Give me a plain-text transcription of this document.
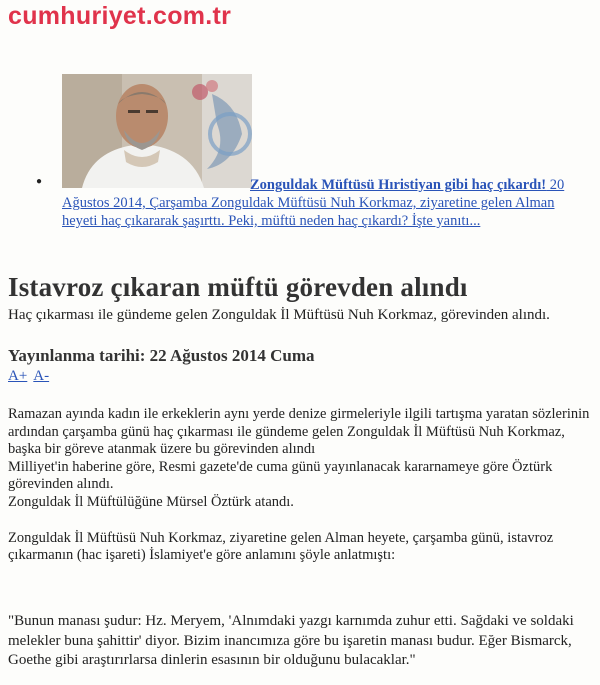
cumhuriyet.com.tr
●	Zonguldak Müftüsü Hıristiyan gibi haç çıkardı! 20 Ağustos 2014, Çarşamba Zonguldak Müftüsü Nuh Korkmaz, ziyaretine gelen Alman heyeti haç çıkararak şaşırttı. Peki, müftü neden haç çıkardı? İşte yanıtı...
Istavroz çıkaran müftü görevden alındı
Haç çıkarması ile gündeme gelen Zonguldak İl Müftüsü Nuh Korkmaz, görevinden alındı.
Yayınlanma tarihi: 22 Ağustos 2014 Cuma
A+ A-

Ramazan ayında kadın ile erkeklerin aynı yerde denize girmeleriyle ilgili tartışma yaratan sözlerinin ardından çarşamba günü haç çıkarması ile gündeme gelen Zonguldak İl Müftüsü Nuh Korkmaz, başka bir göreve atanmak üzere bu görevinden alındı

Milliyet'in haberine göre, Resmi gazete'de cuma günü yayınlanacak kararnameye göre Öztürk görevinden alındı.

Zonguldak İl Müftülüğüne Mürsel Öztürk atandı.

Zonguldak İl Müftüsü Nuh Korkmaz, ziyaretine gelen Alman heyete, çarşamba günü, istavroz çıkarmanın (hac işareti) İslamiyet'e göre anlamını şöyle anlatmıştı:

"Bunun manası şudur: Hz. Meryem, 'Alnımdaki yazgı karnımda zuhur etti. Sağdaki ve soldaki melekler buna şahittir' diyor. Bizim inancımıza göre bu işaretin manası budur. Eğer Bismarck, Goethe gibi araştırırlarsa dinlerin esasının bir olduğunu bulacaklar."
